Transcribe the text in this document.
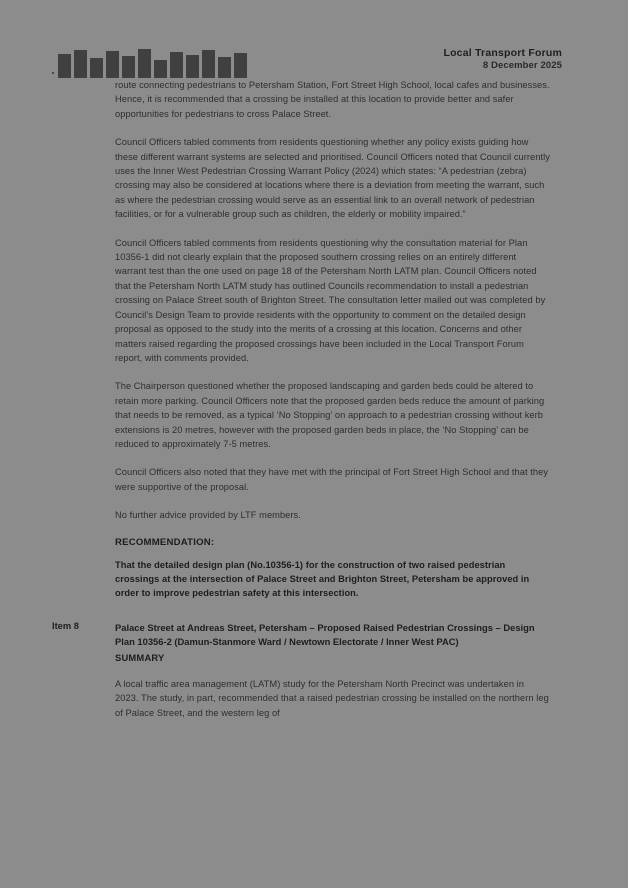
Local Transport Forum
8 December 2025

route connecting pedestrians to Petersham Station, Fort Street High School, local cafes and businesses. Hence, it is recommended that a crossing be installed at this location to provide better and safer opportunities for pedestrians to cross Palace Street.

Council Officers tabled comments from residents questioning whether any policy exists guiding how these different warrant systems are selected and prioritised. Council Officers noted that Council currently uses the Inner West Pedestrian Crossing Warrant Policy (2024) which states: “A pedestrian (zebra) crossing may also be considered at locations where there is a deviation from meeting the warrant, such as where the pedestrian crossing would serve as an essential link to an overall network of pedestrian facilities, or for a vulnerable group such as children, the elderly or mobility impaired.”

Council Officers tabled comments from residents questioning why the consultation material for Plan 10356-1 did not clearly explain that the proposed southern crossing relies on an entirely different warrant test than the one used on page 18 of the Petersham North LATM plan. Council Officers noted that the Petersham North LATM study has outlined Councils recommendation to install a pedestrian crossing on Palace Street south of Brighton Street. The consultation letter mailed out was completed by Council’s Design Team to provide residents with the opportunity to comment on the detailed design proposal as opposed to the study into the merits of a crossing at this location. Concerns and other matters raised regarding the proposed crossings have been included in the Local Transport Forum report, with comments provided.

The Chairperson questioned whether the proposed landscaping and garden beds could be altered to retain more parking. Council Officers note that the proposed garden beds reduce the amount of parking that needs to be removed, as a typical ‘No Stopping’ on approach to a pedestrian crossing without kerb extensions is 20 metres, however with the proposed garden beds in place, the ‘No Stopping’ can be reduced to approximately 7-5 metres.

Council Officers also noted that they have met with the principal of Fort Street High School and that they were supportive of the proposal.

No further advice provided by LTF members.

RECOMMENDATION:

That the detailed design plan (No.10356-1) for the construction of two raised pedestrian crossings at the intersection of Palace Street and Brighton Street, Petersham be approved in order to improve pedestrian safety at this intersection.

Item 8	Palace Street at Andreas Street, Petersham – Proposed Raised Pedestrian Crossings – Design Plan 10356-2 (Damun-Stanmore Ward / Newtown Electorate / Inner West PAC)
SUMMARY

A local traffic area management (LATM) study for the Petersham North Precinct was undertaken in 2023. The study, in part, recommended that a raised pedestrian crossing be installed on the northern leg of Palace Street, and the western leg of
